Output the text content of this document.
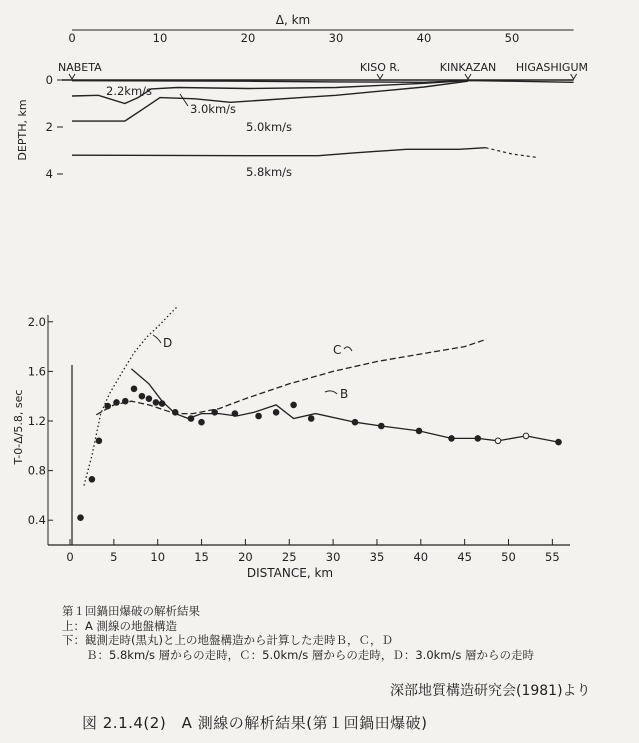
Δ, km
DEPTH, km
0	10	20	30	40	50
0
2
4
NABETA	KISO R.	KINKAZAN HIGASHIGUM
2.2km/s
3.0km/s
5.0km/s
5.8km/s
T-0-Δ/5.8, sec
DISTANCE, km
0.4
0.8
1.2
1.6
2.0
0	5	10	15	20	25	30	35	40	45	50	55
C
B
D
第１回鍋田爆破の解析結果
上：A 測線の地盤構造
下：観測走時(黒丸)と上の地盤構造から計算した走時Ｂ，Ｃ，Ｄ
Ｂ：5.8km/s 層からの走時，Ｃ：5.0km/s 層からの走時，Ｄ：3.0km/s 層からの走時
深部地質構造研究会(1981)より
図 2.1.4(2)　A 測線の解析結果(第１回鍋田爆破)
